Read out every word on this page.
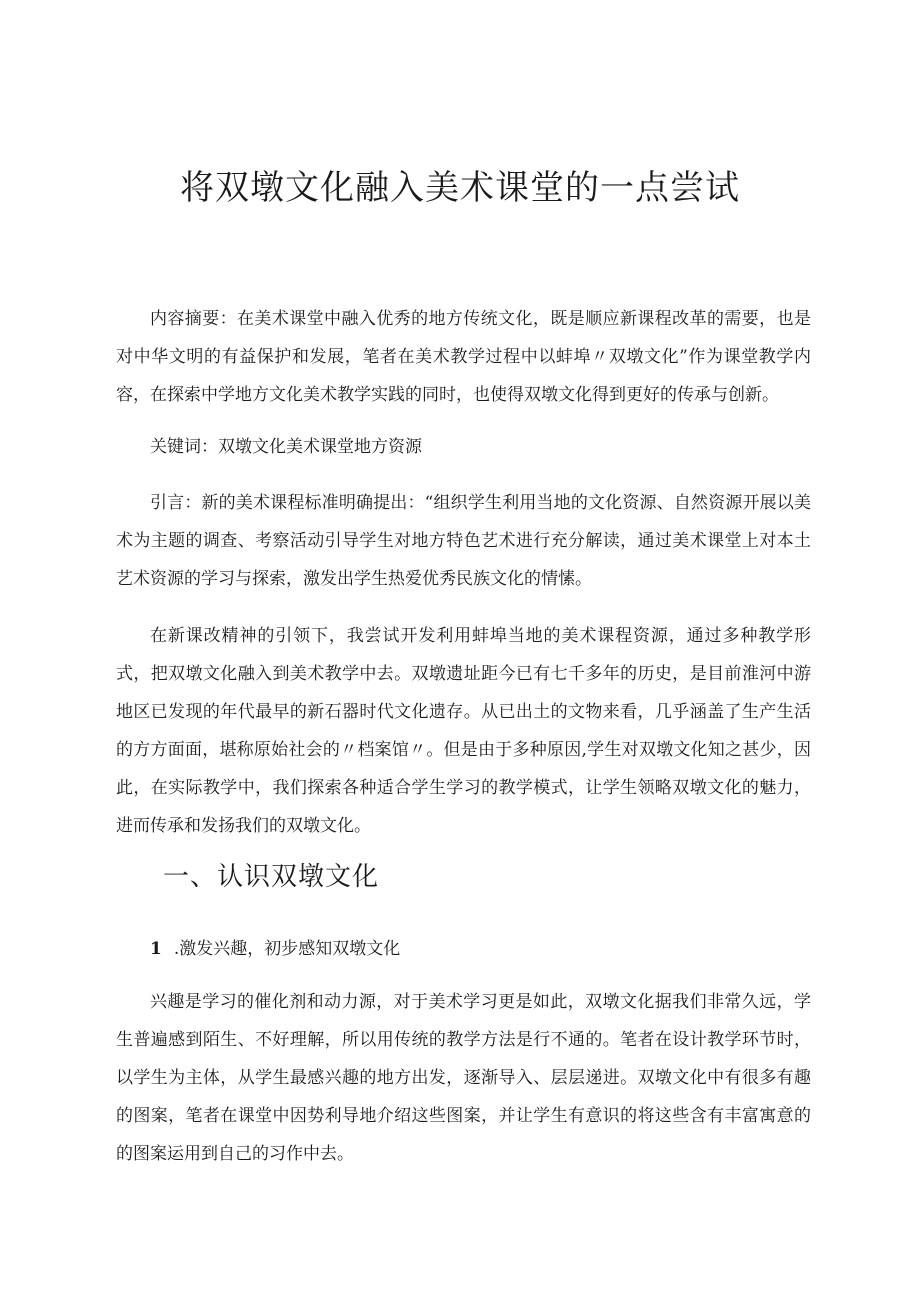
将双墩文化融入美术课堂的一点尝试

内容摘要：在美术课堂中融入优秀的地方传统文化，既是顺应新课程改革的需要，也是对中华文明的有益保护和发展，笔者在美术教学过程中以蚌埠〃双墩文化”作为课堂教学内容，在探索中学地方文化美术教学实践的同时，也使得双墩文化得到更好的传承与创新。

关键词：双墩文化美术课堂地方资源

引言：新的美术课程标准明确提出：“组织学生利用当地的文化资源、自然资源开展以美术为主题的调查、考察活动引导学生对地方特色艺术进行充分解读，通过美术课堂上对本土艺术资源的学习与探索，激发出学生热爱优秀民族文化的情愫。

在新课改精神的引领下，我尝试开发利用蚌埠当地的美术课程资源，通过多种教学形式，把双墩文化融入到美术教学中去。双墩遗址距今已有七千多年的历史，是目前淮河中游地区已发现的年代最早的新石器时代文化遗存。从已出土的文物来看，几乎涵盖了生产生活的方方面面，堪称原始社会的〃档案馆〃。但是由于多种原因,学生对双墩文化知之甚少，因此，在实际教学中，我们探索各种适合学生学习的教学模式，让学生领略双墩文化的魅力，进而传承和发扬我们的双墩文化。

一、认识双墩文化
1 .激发兴趣，初步感知双墩文化

兴趣是学习的催化剂和动力源，对于美术学习更是如此，双墩文化据我们非常久远，学生普遍感到陌生、不好理解，所以用传统的教学方法是行不通的。笔者在设计教学环节时，以学生为主体，从学生最感兴趣的地方出发，逐渐导入、层层递进。双墩文化中有很多有趣的图案，笔者在课堂中因势利导地介绍这些图案，并让学生有意识的将这些含有丰富寓意的的图案运用到自己的习作中去。
